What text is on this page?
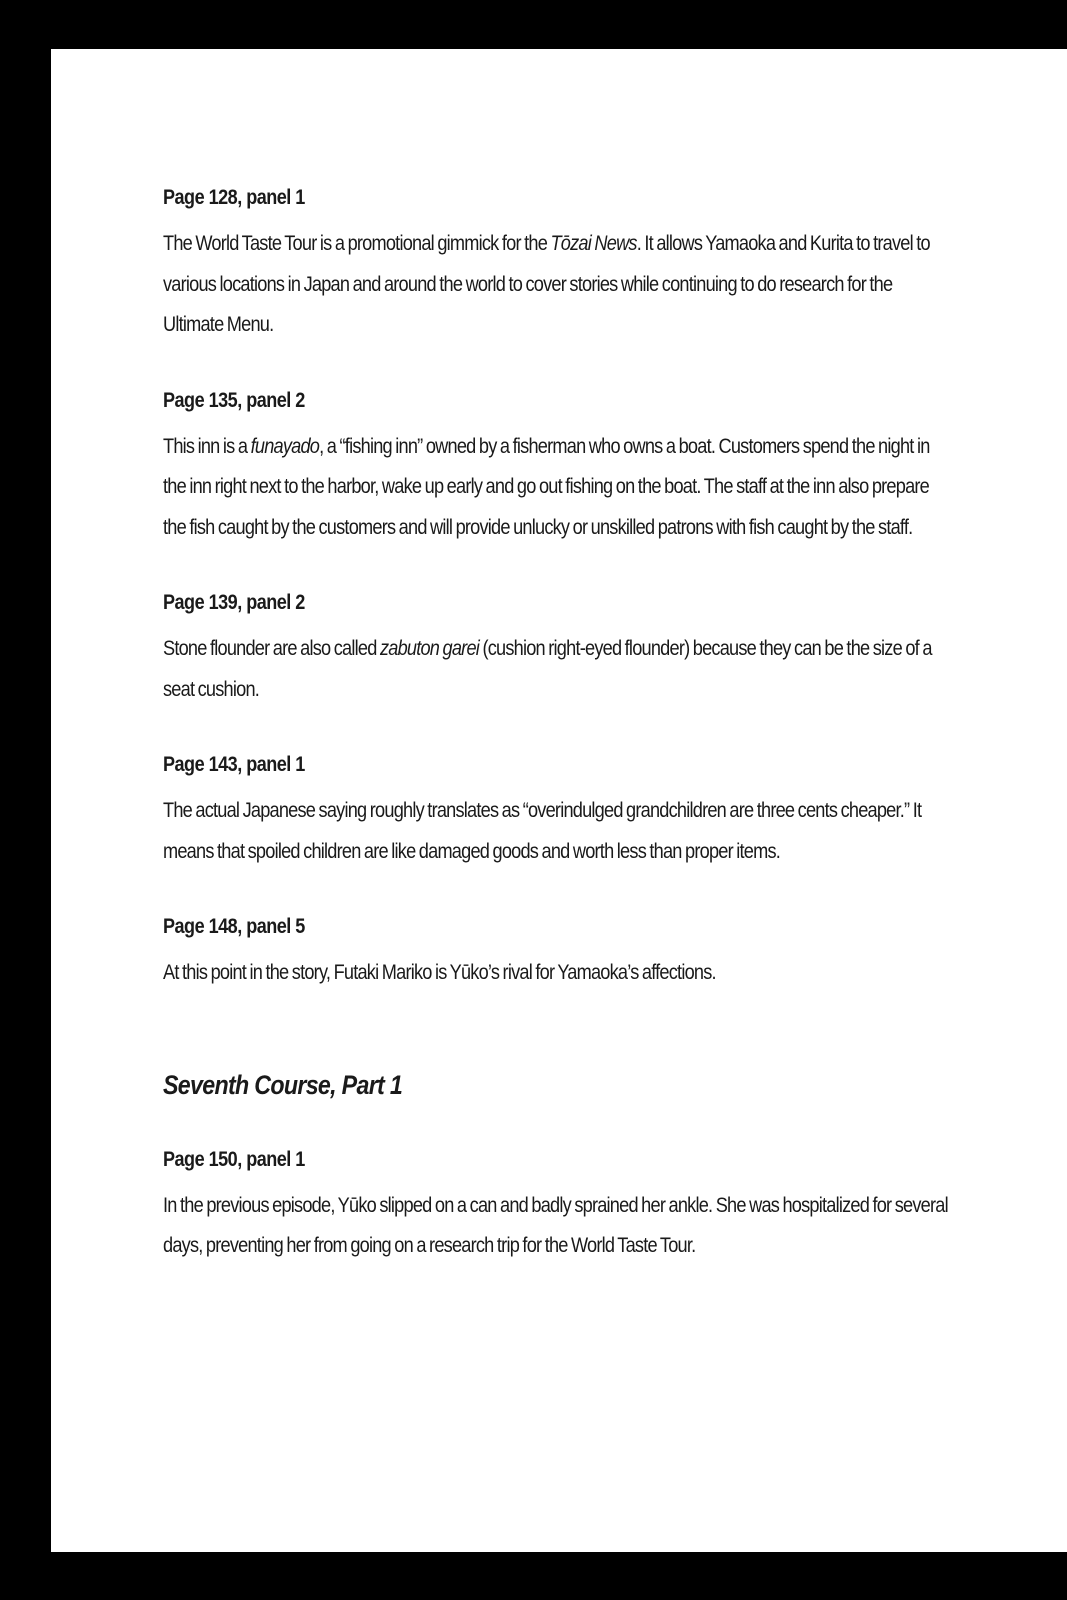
Page 128, panel 1

The World Taste Tour is a promotional gimmick for the Tōzai News. It allows Yamaoka and Kurita to travel to various locations in Japan and around the world to cover stories while continuing to do research for the Ultimate Menu.

Page 135, panel 2

This inn is a funayado, a “fishing inn” owned by a fisherman who owns a boat. Customers spend the night in the inn right next to the harbor, wake up early and go out fishing on the boat. The staff at the inn also prepare the fish caught by the customers and will provide unlucky or unskilled patrons with fish caught by the staff.

Page 139, panel 2

Stone flounder are also called zabuton garei (cushion right-eyed flounder) because they can be the size of a seat cushion.

Page 143, panel 1

The actual Japanese saying roughly translates as “overindulged grandchildren are three cents cheaper.” It means that spoiled children are like damaged goods and worth less than proper items.

Page 148, panel 5

At this point in the story, Futaki Mariko is Yūko’s rival for Yamaoka’s affections.

Seventh Course, Part 1
Page 150, panel 1

In the previous episode, Yūko slipped on a can and badly sprained her ankle. She was hospitalized for several days, preventing her from going on a research trip for the World Taste Tour.
